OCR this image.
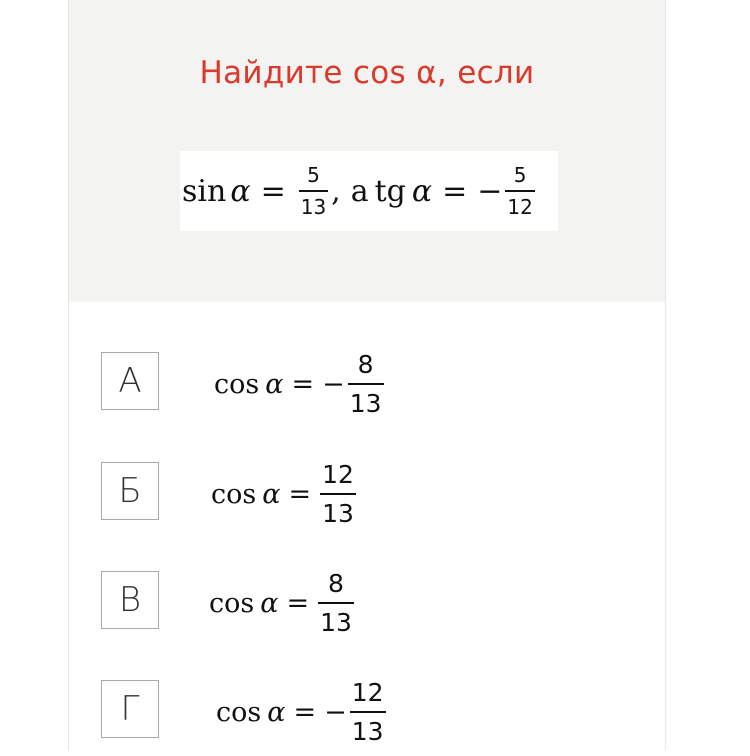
Найдите cos α, если
$\sin \alpha = \frac{5}{13}$ , а tg α = − $\frac{5}{12}$
А	cos α = − $\frac{8}{13}$
Б	$\cos \alpha = \frac{12}{13}$
В	$\cos \alpha = \frac{8}{13}$
Г	cos α = − $\frac{12}{13}$
